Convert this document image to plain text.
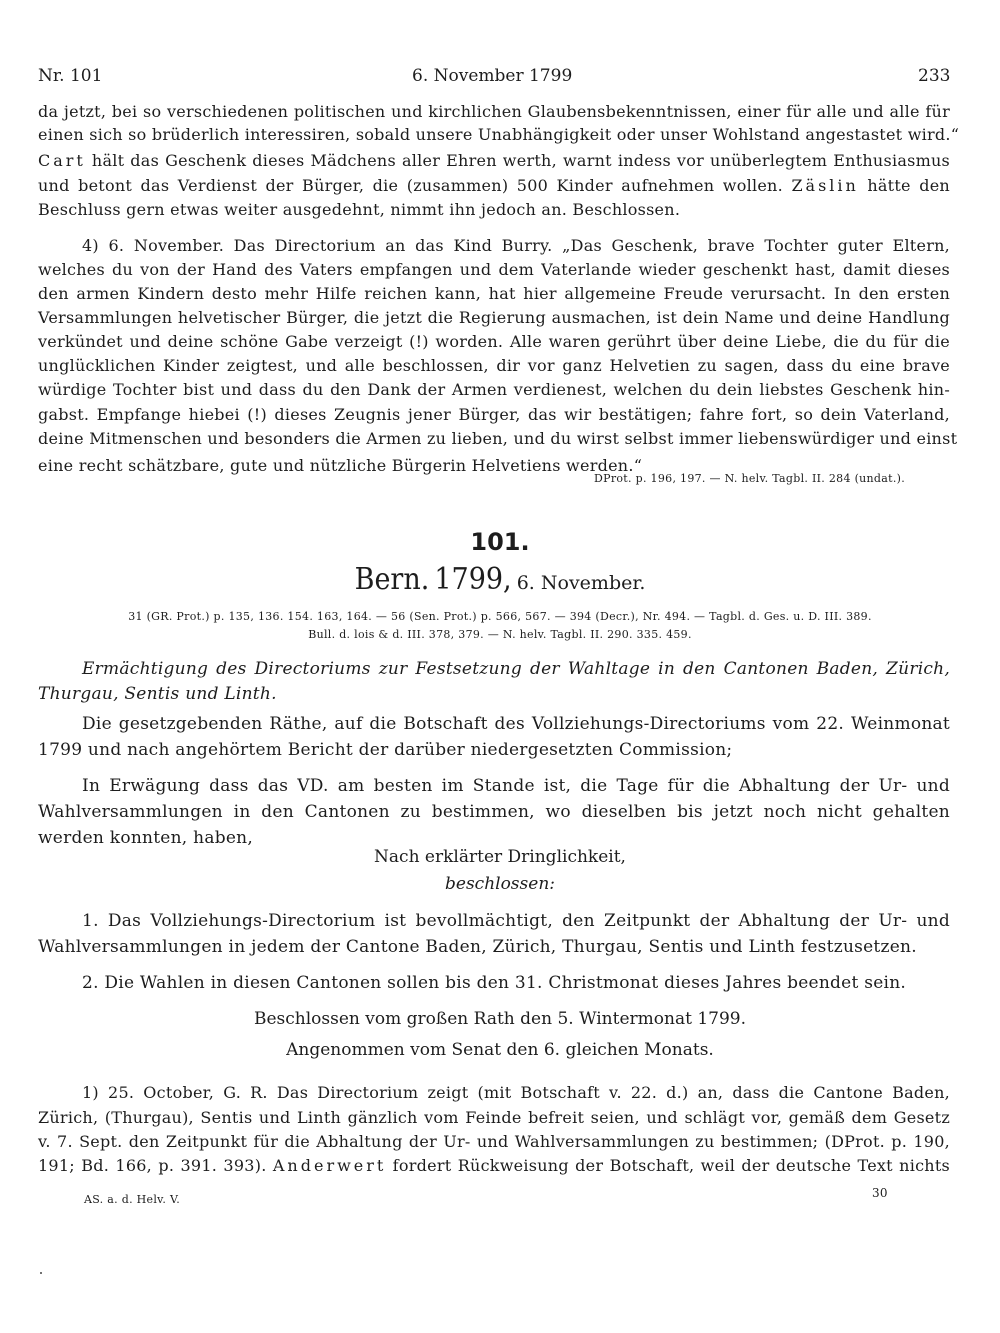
Nr. 101	6. November 1799	233
da jetzt, bei so verschiedenen politischen und kirchlichen Glaubensbekenntnissen, einer für alle und alle für
einen sich so brüderlich interessiren, sobald unsere Unabhängigkeit oder unser Wohlstand angestastet wird.“
Cart hält das Geschenk dieses Mädchens aller Ehren werth, warnt indess vor unüberlegtem Enthusiasmus
und betont das Verdienst der Bürger, die (zusammen) 500 Kinder aufnehmen wollen. Zäslin hätte den
Beschluss gern etwas weiter ausgedehnt, nimmt ihn jedoch an. Beschlossen.
4) 6. November. Das Directorium an das Kind Burry. „Das Geschenk, brave Tochter guter Eltern,
welches du von der Hand des Vaters empfangen und dem Vaterlande wieder geschenkt hast, damit dieses
den armen Kindern desto mehr Hilfe reichen kann, hat hier allgemeine Freude verursacht. In den ersten
Versammlungen helvetischer Bürger, die jetzt die Regierung ausmachen, ist dein Name und deine Handlung
verkündet und deine schöne Gabe verzeigt (!) worden. Alle waren gerührt über deine Liebe, die du für die
unglücklichen Kinder zeigtest, und alle beschlossen, dir vor ganz Helvetien zu sagen, dass du eine brave
würdige Tochter bist und dass du den Dank der Armen verdienest, welchen du dein liebstes Geschenk hin-
gabst. Empfange hiebei (!) dieses Zeugnis jener Bürger, das wir bestätigen; fahre fort, so dein Vaterland,
deine Mitmenschen und besonders die Armen zu lieben, und du wirst selbst immer liebenswürdiger und einst
eine recht schätzbare, gute und nützliche Bürgerin Helvetiens werden.“
DProt. p. 196, 197. — N. helv. Tagbl. II. 284 (undat.).
101.
Bern. 1799, 6. November.
31 (GR. Prot.) p. 135, 136. 154. 163, 164. — 56 (Sen. Prot.) p. 566, 567. — 394 (Decr.), Nr. 494. — Tagbl. d. Ges. u. D. III. 389.
Bull. d. lois & d. III. 378, 379. — N. helv. Tagbl. II. 290. 335. 459.
Ermächtigung des Directoriums zur Festsetzung der Wahltage in den Cantonen Baden, Zürich,
Thurgau, Sentis und Linth.
Die gesetzgebenden Räthe, auf die Botschaft des Vollziehungs-Directoriums vom 22. Weinmonat
1799 und nach angehörtem Bericht der darüber niedergesetzten Commission;
In Erwägung dass das VD. am besten im Stande ist, die Tage für die Abhaltung der Ur- und
Wahlversammlungen in den Cantonen zu bestimmen, wo dieselben bis jetzt noch nicht gehalten
werden konnten, haben,
Nach erklärter Dringlichkeit,
beschlossen:
1. Das Vollziehungs-Directorium ist bevollmächtigt, den Zeitpunkt der Abhaltung der Ur- und
Wahlversammlungen in jedem der Cantone Baden, Zürich, Thurgau, Sentis und Linth festzusetzen.
2. Die Wahlen in diesen Cantonen sollen bis den 31. Christmonat dieses Jahres beendet sein.
Beschlossen vom großen Rath den 5. Wintermonat 1799.
Angenommen vom Senat den 6. gleichen Monats.
1) 25. October, G. R. Das Directorium zeigt (mit Botschaft v. 22. d.) an, dass die Cantone Baden,
Zürich, (Thurgau), Sentis und Linth gänzlich vom Feinde befreit seien, und schlägt vor, gemäß dem Gesetz
v. 7. Sept. den Zeitpunkt für die Abhaltung der Ur- und Wahlversammlungen zu bestimmen; (DProt. p. 190,
191; Bd. 166, p. 391. 393). Anderwert fordert Rückweisung der Botschaft, weil der deutsche Text nichts
AS. a. d. Helv. V.	30
